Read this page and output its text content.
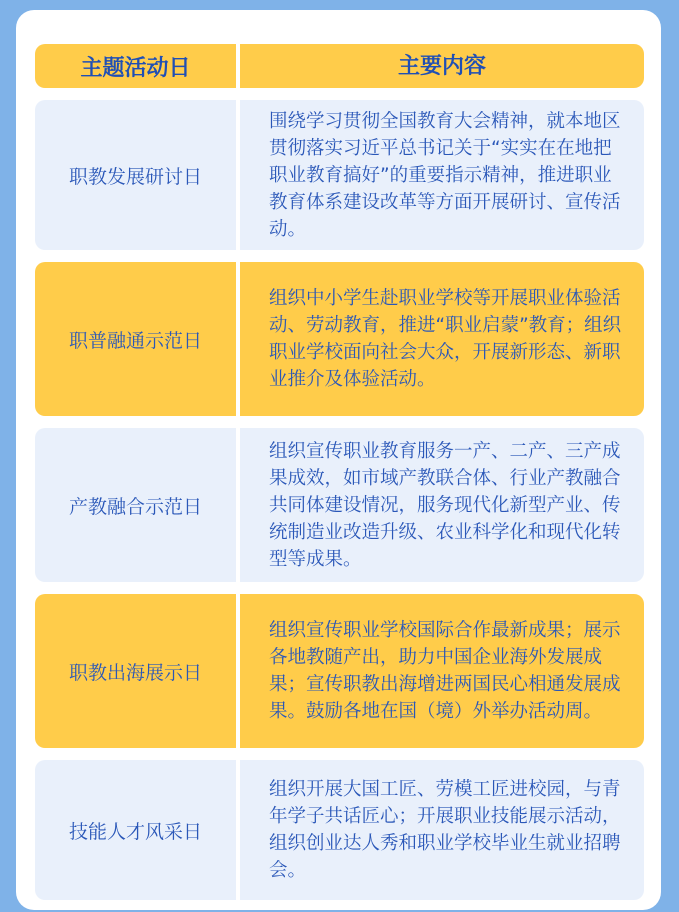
主题活动日	主要内容
职教发展研讨日
围绕学习贯彻全国教育大会精神，就本地区贯彻落实习近平总书记关于“实实在在地把职业教育搞好”的重要指示精神，推进职业教育体系建设改革等方面开展研讨、宣传活动。
职普融通示范日
组织中小学生赴职业学校等开展职业体验活动、劳动教育，推进“职业启蒙”教育；组织职业学校面向社会大众，开展新形态、新职业推介及体验活动。
产教融合示范日
组织宣传职业教育服务一产、二产、三产成果成效，如市域产教联合体、行业产教融合共同体建设情况，服务现代化新型产业、传统制造业改造升级、农业科学化和现代化转型等成果。
职教出海展示日
组织宣传职业学校国际合作最新成果；展示各地教随产出，助力中国企业海外发展成果；宣传职教出海增进两国民心相通发展成果。鼓励各地在国（境）外举办活动周。
技能人才风采日
组织开展大国工匠、劳模工匠进校园，与青年学子共话匠心；开展职业技能展示活动，组织创业达人秀和职业学校毕业生就业招聘会。
